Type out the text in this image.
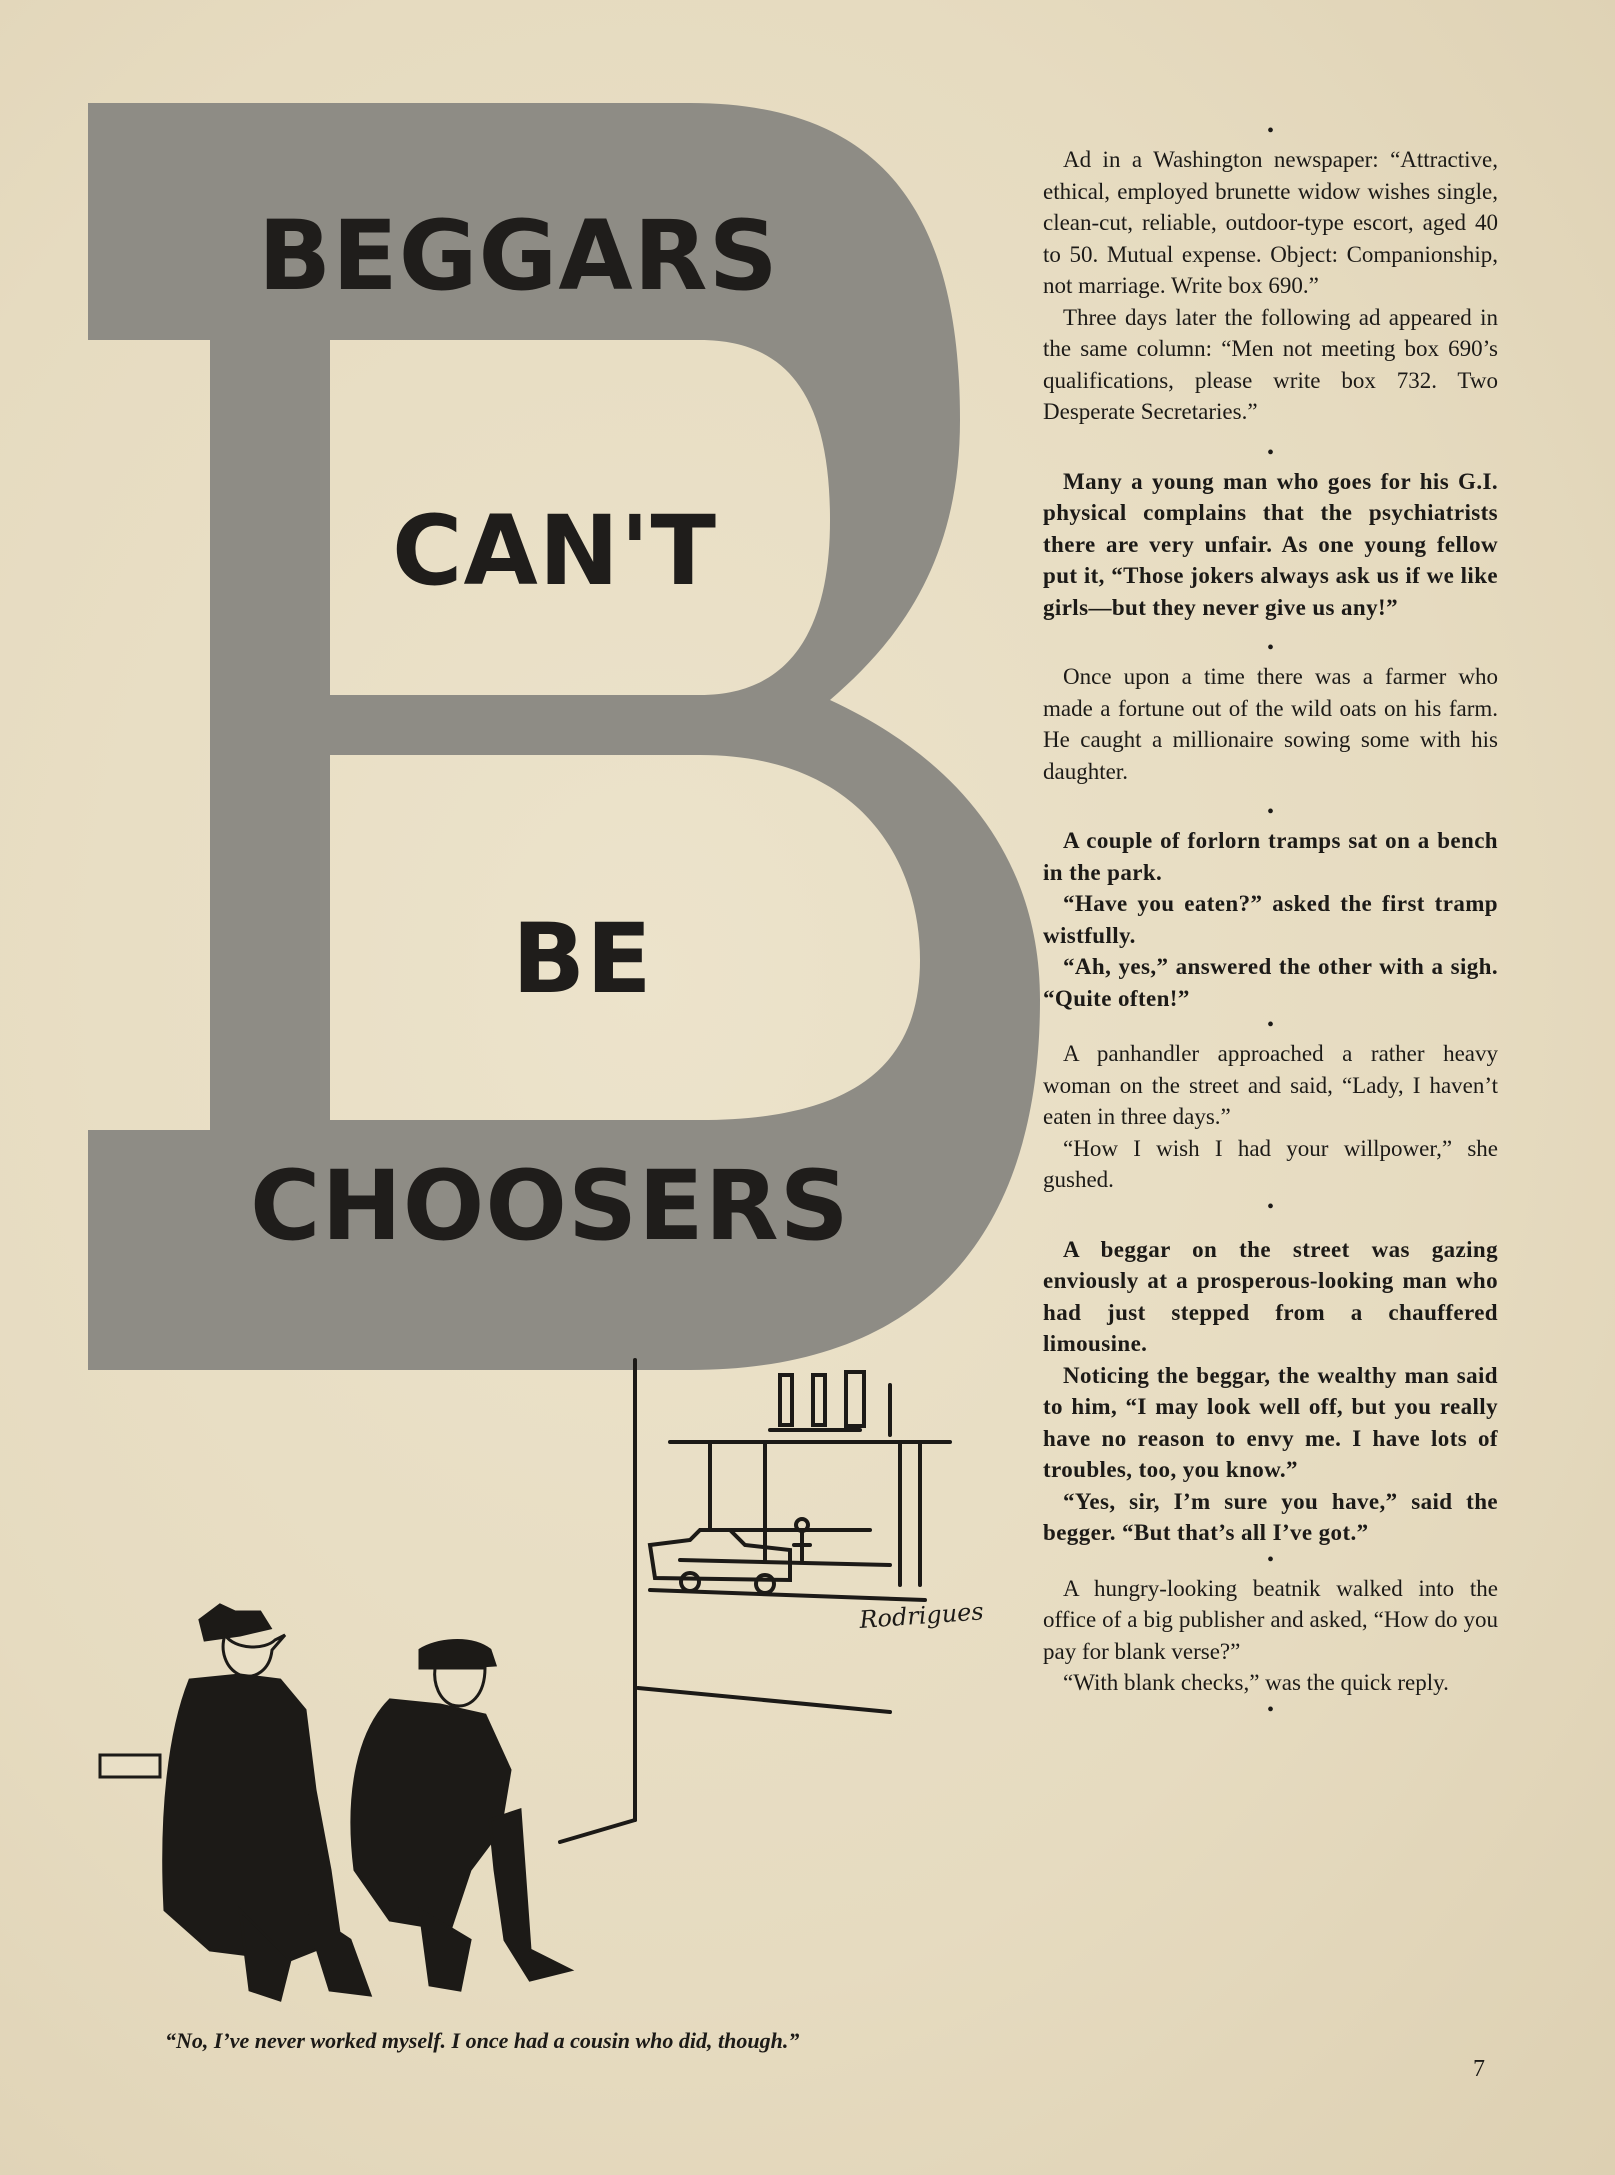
BEGGARS
CAN'T
BE
CHOOSERS
•

Ad in a Washington newspaper: “Attractive, ethical, employed brunette widow wishes single, clean-cut, reliable, outdoor-type escort, aged 40 to 50. Mutual expense. Object: Companionship, not marriage. Write box 690.”

Three days later the following ad appeared in the same column: “Men not meeting box 690’s qualifications, please write box 732. Two Desperate Secretaries.”

•

Many a young man who goes for his G.I. physical complains that the psychiatrists there are very unfair. As one young fellow put it, “Those jokers always ask us if we like girls—but they never give us any!”

•

Once upon a time there was a farmer who made a fortune out of the wild oats on his farm. He caught a millionaire sowing some with his daughter.

•

A couple of forlorn tramps sat on a bench in the park.

“Have you eaten?” asked the first tramp wistfully.

“Ah, yes,” answered the other with a sigh. “Quite often!”

•

A panhandler approached a rather heavy woman on the street and said, “Lady, I haven’t eaten in three days.”

“How I wish I had your willpower,” she gushed.

•

A beggar on the street was gazing enviously at a prosperous-looking man who had just stepped from a chauffered limousine.

Noticing the beggar, the wealthy man said to him, “I may look well off, but you really have no reason to envy me. I have lots of troubles, too, you know.”

“Yes, sir, I’m sure you have,” said the begger. “But that’s all I’ve got.”

•

A hungry-looking beatnik walked into the office of a big publisher and asked, “How do you pay for blank verse?”

“With blank checks,” was the quick reply.

•
Rodrigues
“No, I’ve never worked myself. I once had a cousin who did, though.”
7
